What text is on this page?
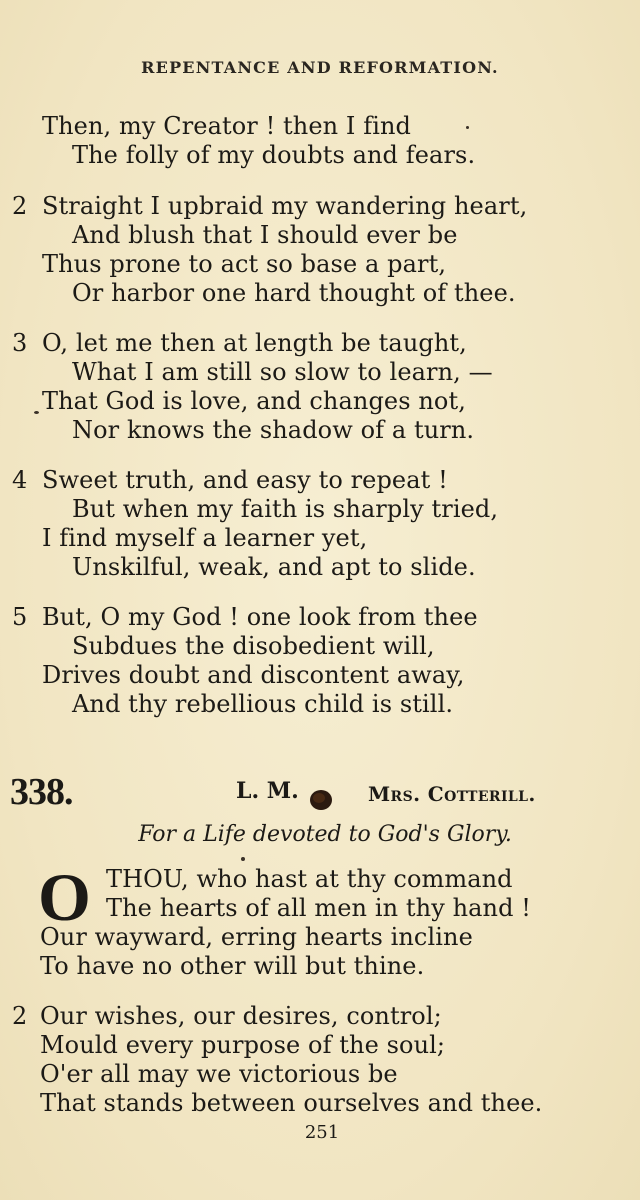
REPENTANCE AND REFORMATION.
Then, my Creator ! then I find
The folly of my doubts and fears.
2 Straight I upbraid my wandering heart,
And blush that I should ever be
Thus prone to act so base a part,
Or harbor one hard thought of thee.
3 O, let me then at length be taught,
What I am still so slow to learn, —
That God is love, and changes not,
Nor knows the shadow of a turn.
4 Sweet truth, and easy to repeat !
But when my faith is sharply tried,
I find myself a learner yet,
Unskilful, weak, and apt to slide.
5 But, O my God ! one look from thee
Subdues the disobedient will,
Drives doubt and discontent away,
And thy rebellious child is still.
338.	L. M.	Mrs. Cotterill.
For a Life devoted to God's Glory.
O THOU, who hast at thy command
The hearts of all men in thy hand !
Our wayward, erring hearts incline
To have no other will but thine.
2 Our wishes, our desires, control;
Mould every purpose of the soul;
O'er all may we victorious be
That stands between ourselves and thee.
251
